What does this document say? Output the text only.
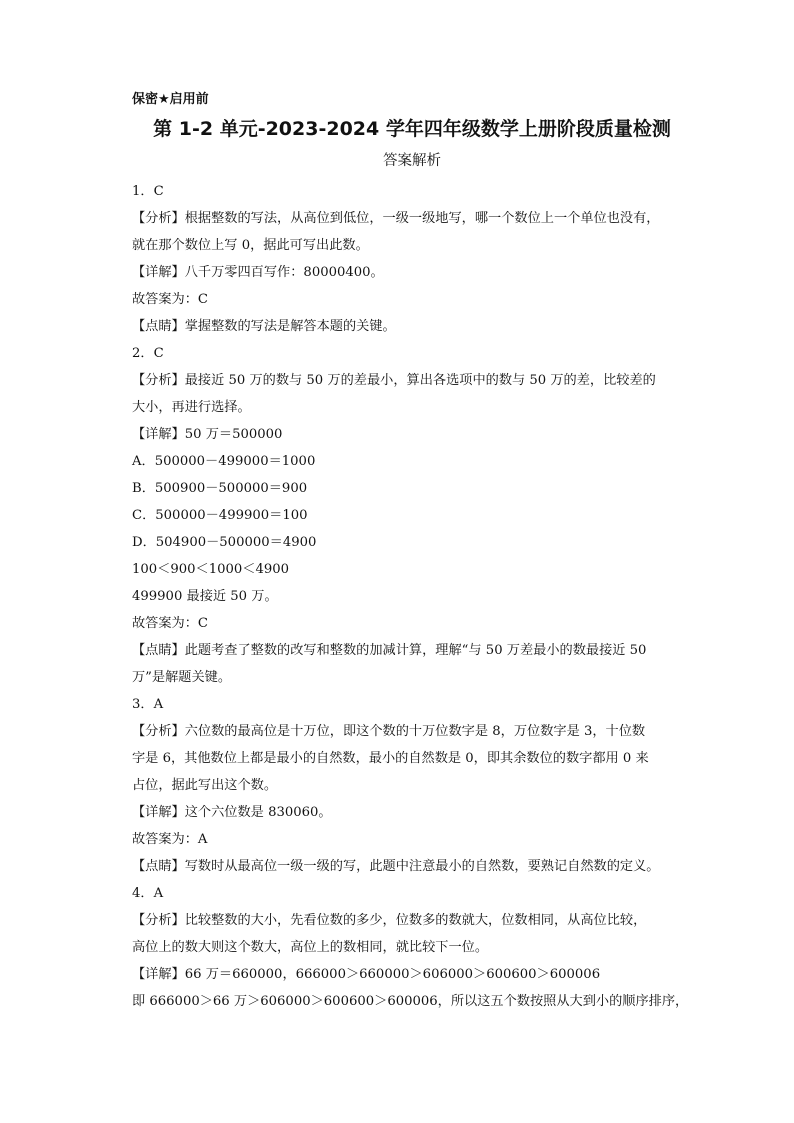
保密★启用前
第 1-2 单元-2023-2024 学年四年级数学上册阶段质量检测
答案解析
1．C
【分析】根据整数的写法，从高位到低位，一级一级地写，哪一个数位上一个单位也没有，
就在那个数位上写 0，据此可写出此数。
【详解】八千万零四百写作：80000400。
故答案为：C
【点睛】掌握整数的写法是解答本题的关键。
2．C
【分析】最接近 50 万的数与 50 万的差最小，算出各选项中的数与 50 万的差，比较差的
大小，再进行选择。
【详解】50 万＝500000
A．500000－499000＝1000
B．500900－500000＝900
C．500000－499900＝100
D．504900－500000＝4900
100＜900＜1000＜4900
499900 最接近 50 万。
故答案为：C
【点睛】此题考查了整数的改写和整数的加减计算，理解“与 50 万差最小的数最接近 50
万”是解题关键。
3．A
【分析】六位数的最高位是十万位，即这个数的十万位数字是 8，万位数字是 3，十位数
字是 6，其他数位上都是最小的自然数，最小的自然数是 0，即其余数位的数字都用 0 来
占位，据此写出这个数。
【详解】这个六位数是 830060。
故答案为：A
【点睛】写数时从最高位一级一级的写，此题中注意最小的自然数，要熟记自然数的定义。
4．A
【分析】比较整数的大小，先看位数的多少，位数多的数就大，位数相同，从高位比较，
高位上的数大则这个数大，高位上的数相同，就比较下一位。
【详解】66 万＝660000，666000＞660000＞606000＞600600＞600006
即 666000＞66 万＞606000＞600600＞600006，所以这五个数按照从大到小的顺序排序，
